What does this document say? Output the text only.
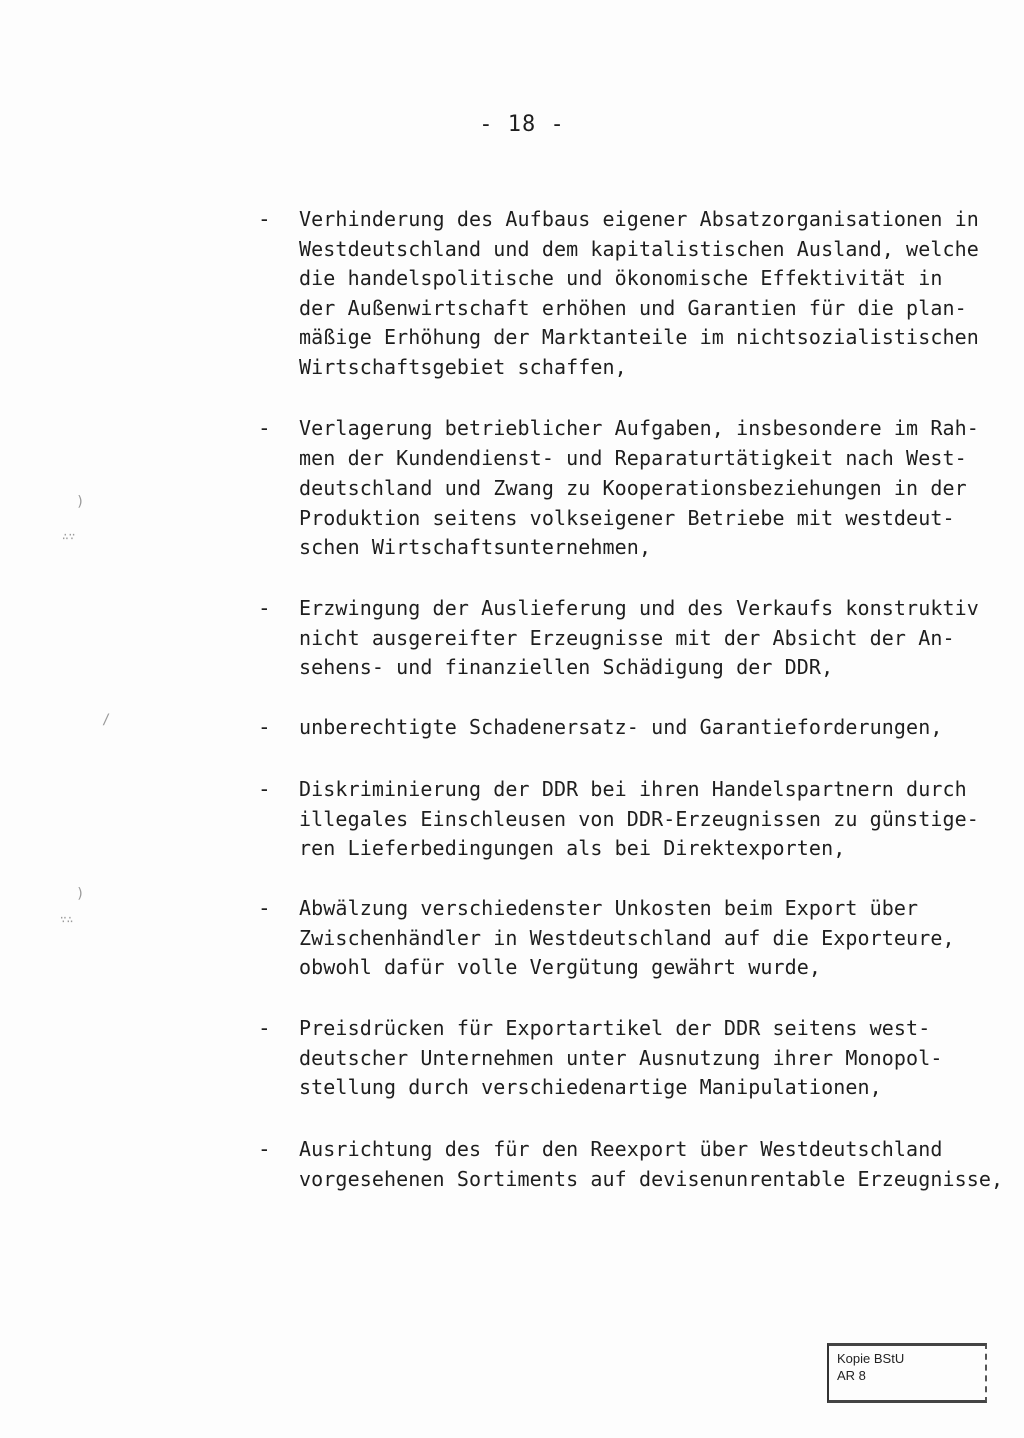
- 18 -
- Verhinderung des Aufbaus eigener Absatzorganisationen in
Westdeutschland und dem kapitalistischen Ausland, welche
die handelspolitische und ökonomische Effektivität in
der Außenwirtschaft erhöhen und Garantien für die plan-
mäßige Erhöhung der Marktanteile im nichtsozialistischen
Wirtschaftsgebiet schaffen,
- Verlagerung betrieblicher Aufgaben, insbesondere im Rah-
men der Kundendienst- und Reparaturtätigkeit nach West-
deutschland und Zwang zu Kooperationsbeziehungen in der
Produktion seitens volkseigener Betriebe mit westdeut-
schen Wirtschaftsunternehmen,
- Erzwingung der Auslieferung und des Verkaufs konstruktiv
nicht ausgereifter Erzeugnisse mit der Absicht der An-
sehens- und finanziellen Schädigung der DDR,
- unberechtigte Schadenersatz- und Garantieforderungen,
- Diskriminierung der DDR bei ihren Handelspartnern durch
illegales Einschleusen von DDR-Erzeugnissen zu günstige-
ren Lieferbedingungen als bei Direktexporten,
- Abwälzung verschiedenster Unkosten beim Export über
Zwischenhändler in Westdeutschland auf die Exporteure,
obwohl dafür volle Vergütung gewährt wurde,
- Preisdrücken für Exportartikel der DDR seitens west-
deutscher Unternehmen unter Ausnutzung ihrer Monopol-
stellung durch verschiedenartige Manipulationen,
- Ausrichtung des für den Reexport über Westdeutschland
vorgesehenen Sortiments auf devisenunrentable Erzeugnisse,
)
∴∵
/
)
∵∴
Kopie BStU
AR 8
